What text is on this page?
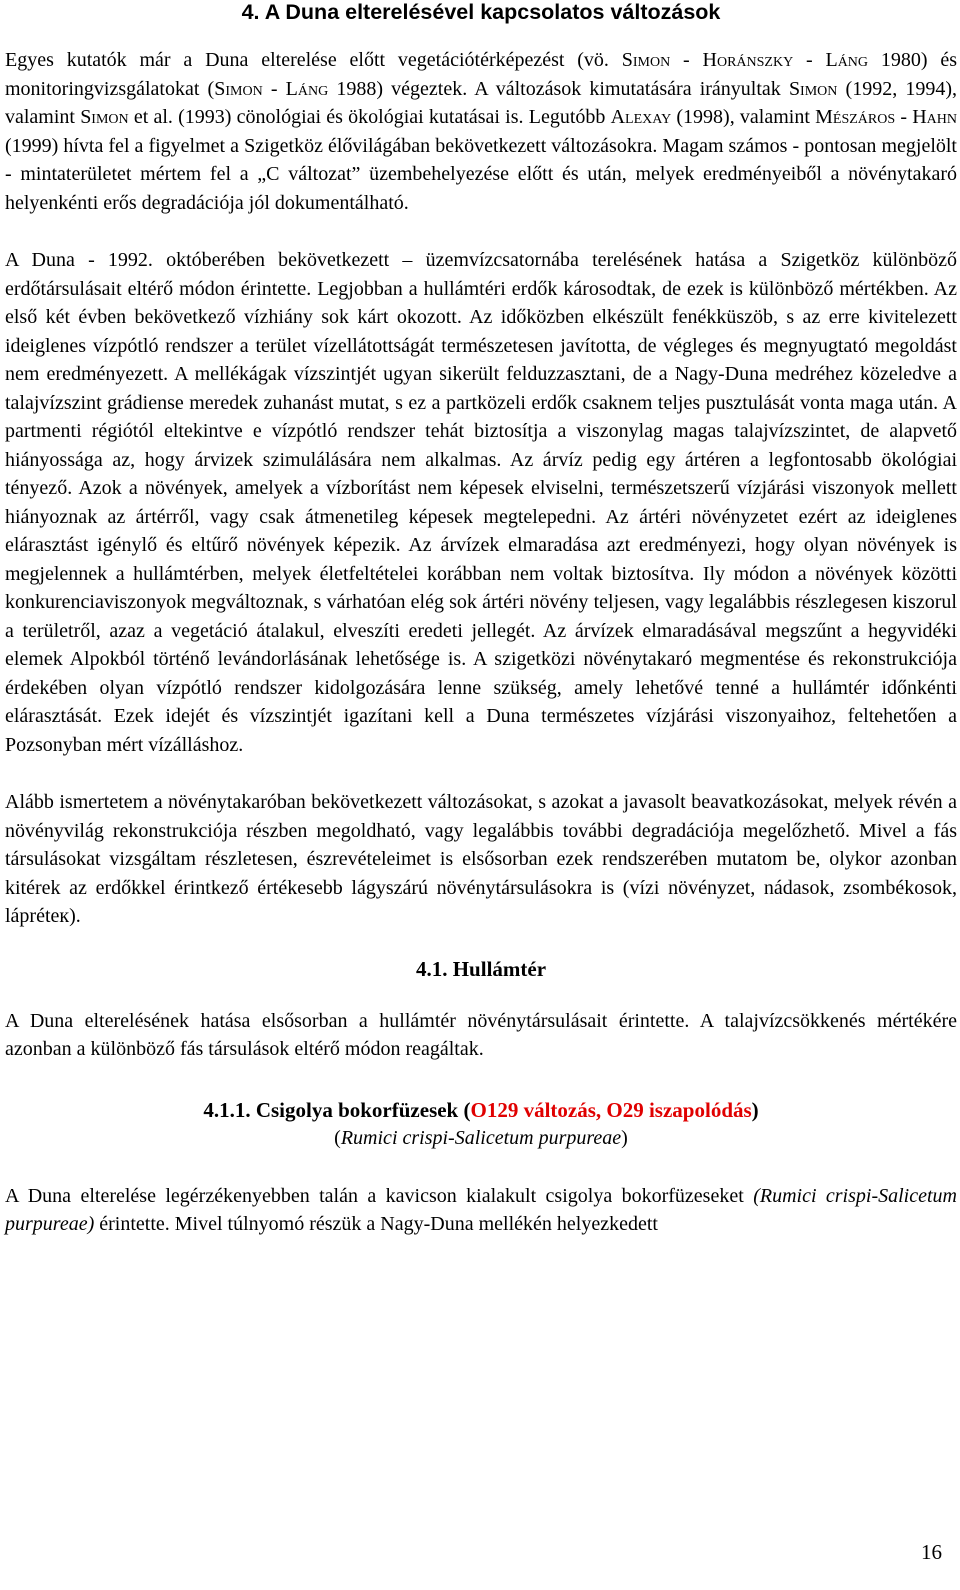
4. A Duna elterelésével kapcsolatos változások

Egyes kutatók már a Duna elterelése előtt vegetációtérképezést (vö. Simon - Horánszky - Láng 1980) és monitoringvizsgálatokat (Simon - Láng 1988) végeztek. A változások kimutatására irányultak Simon (1992, 1994), valamint Simon et al. (1993) cönológiai és ökológiai kutatásai is. Legutóbb Alexay (1998), valamint Mészáros - Hahn (1999) hívta fel a figyelmet a Szigetköz élővilágában bekövetkezett változásokra. Magam számos - pontosan megjelölt - mintaterületet mértem fel a „C változat” üzembehelyezése előtt és után, melyek eredményeiből a növénytakaró helyenkénti erős degradációja jól dokumentálható.

A Duna - 1992. októberében bekövetkezett – üzemvízcsatornába terelésének hatása a Szigetköz különböző erdőtársulásait eltérő módon érintette. Legjobban a hullámtéri erdők károsodtak, de ezek is különböző mértékben. Az első két évben bekövetkező vízhiány sok kárt okozott. Az időközben elkészült fenékküszöb, s az erre kivitelezett ideiglenes vízpótló rendszer a terület vízellátottságát természetesen javította, de végleges és megnyugtató megoldást nem eredményezett. A mellékágak vízszintjét ugyan sikerült felduzzasztani, de a Nagy-Duna medréhez közeledve a talajvízszint grádiense meredek zuhanást mutat, s ez a partközeli erdők csaknem teljes pusztulását vonta maga után. A partmenti régiótól eltekintve e vízpótló rendszer tehát biztosítja a viszonylag magas talajvízszintet, de alapvető hiányossága az, hogy árvizek szimulálására nem alkalmas. Az árvíz pedig egy ártéren a legfontosabb ökológiai tényező. Azok a növények, amelyek a vízborítást nem képesek elviselni, természetszerű vízjárási viszonyok mellett hiányoznak az ártérről, vagy csak átmenetileg képesek megtelepedni. Az ártéri növényzetet ezért az ideiglenes elárasztást igénylő és eltűrő növények képezik. Az árvízek elmaradása azt eredményezi, hogy olyan növények is megjelennek a hullámtérben, melyek életfeltételei korábban nem voltak biztosítva. Ily módon a növények közötti konkurenciaviszonyok megváltoznak, s várhatóan elég sok ártéri növény teljesen, vagy legalábbis részlegesen kiszorul a területről, azaz a vegetáció átalakul, elveszíti eredeti jellegét. Az árvízek elmaradásával megszűnt a hegyvidéki elemek Alpokból történő levándorlásának lehetősége is. A szigetközi növénytakaró megmentése és rekonstrukciója érdekében olyan vízpótló rendszer kidolgozására lenne szükség, amely lehetővé tenné a hullámtér időnkénti elárasztását. Ezek idejét és vízszintjét igazítani kell a Duna természetes vízjárási viszonyaihoz, feltehetően a Pozsonyban mért vízálláshoz.

Alább ismertetem a növénytakaróban bekövetkezett változásokat, s azokat a javasolt beavatkozásokat, melyek révén a növényvilág rekonstrukciója részben megoldható, vagy legalábbis további degradációja megelőzhető. Mivel a fás társulásokat vizsgáltam részletesen, észrevételeimet is elsősorban ezek rendszerében mutatom be, olykor azonban kitérek az erdőkkel érintkező értékesebb lágyszárú növénytársulásokra is (vízi növényzet, nádasok, zsombékosok, lápréteк).

4.1. Hullámtér

A Duna elterelésének hatása elsősorban a hullámtér növénytársulásait érintette. A talajvízcsökkenés mértékére azonban a különböző fás társulások eltérő módon reagáltak.

4.1.1. Csigolya bokorfüzesek (O129 változás, O29 iszapolódás)

(Rumici crispi-Salicetum purpureae)

A Duna elterelése legérzékenyebben talán a kavicson kialakult csigolya bokorfüzeseket (Rumici crispi-Salicetum purpureae) érintette. Mivel túlnyomó részük a Nagy-Duna mellékén helyezkedett

16
